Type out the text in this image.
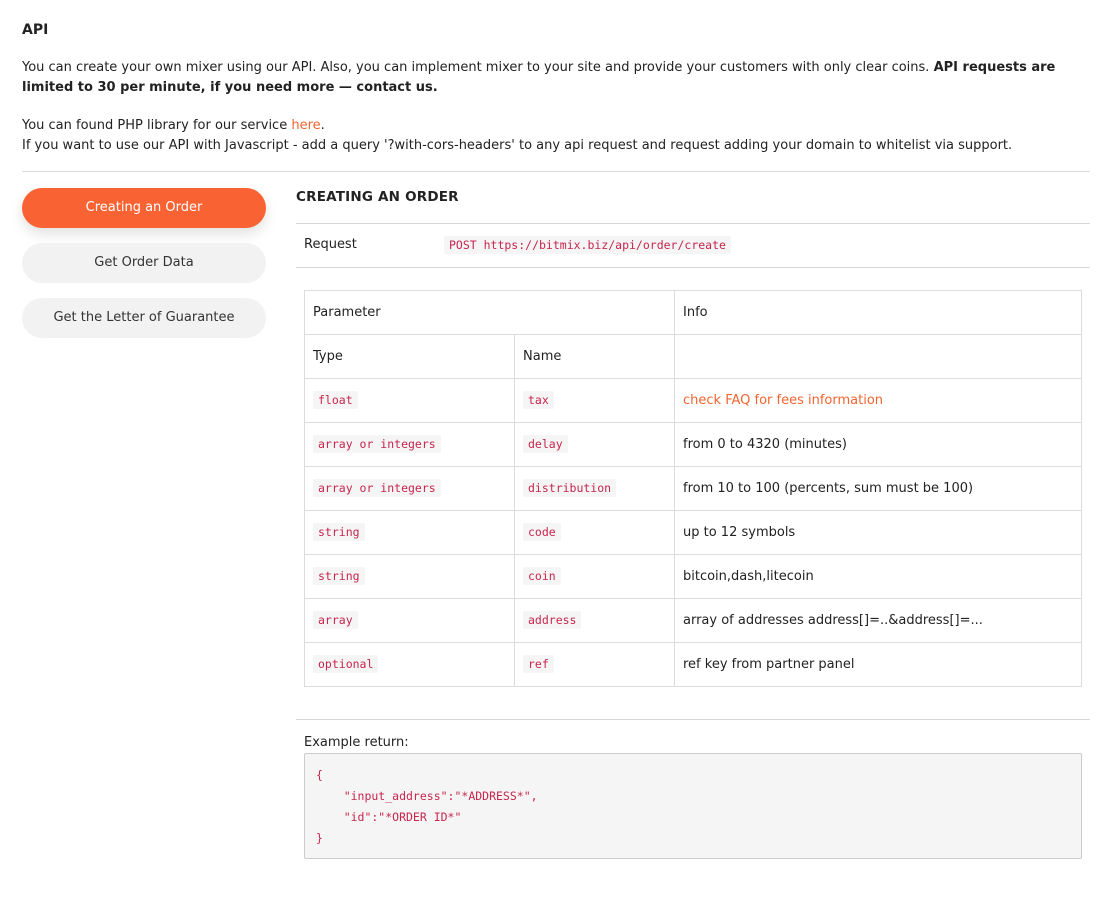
API

You can create your own mixer using our API. Also, you can implement mixer to your site and provide your customers with only clear coins. API requests are limited to 30 per minute, if you need more — contact us.

You can found PHP library for our service here.

If you want to use our API with Javascript - add a query '?with-cors-headers' to any api request and request adding your domain to whitelist via support.

Creating an Order
Get Order Data
Get the Letter of Guarantee
CREATING AN ORDER
Request	POST https://bitmix.biz/api/order/create
Parameter		Info
Type	Name	
float	tax	check FAQ for fees information
array or integers	delay	from 0 to 4320 (minutes)
array or integers	distribution	from 10 to 100 (percents, sum must be 100)
string	code	up to 12 symbols
string	coin	bitcoin,dash,litecoin
array	address	array of addresses address[]=..&address[]=...
optional	ref	ref key from partner panel
Example return:
{
"input_address":"*ADDRESS*",
"id":"*ORDER ID*"
}
